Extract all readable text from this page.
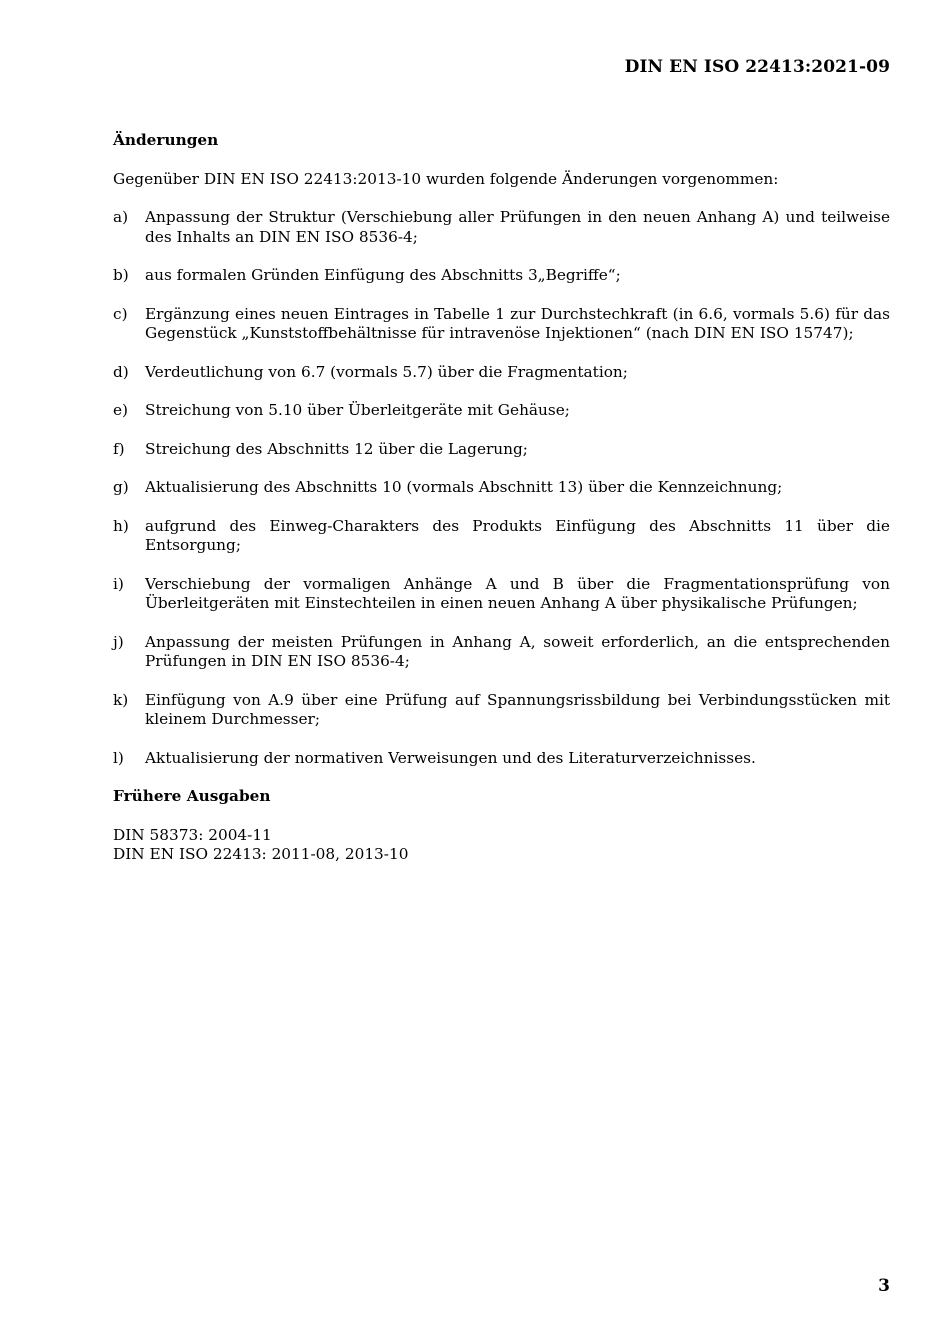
DIN EN ISO 22413:2021-09

Änderungen

Gegenüber DIN EN ISO 22413:2013-10 wurden folgende Änderungen vorgenommen:

a)	Anpassung der Struktur (Verschiebung aller Prüfungen in den neuen Anhang A) und teilweise des Inhalts an DIN EN ISO 8536-4;
b)	aus formalen Gründen Einfügung des Abschnitts 3„Begriffe“;
c)	Ergänzung eines neuen Eintrages in Tabelle 1 zur Durchstechkraft (in 6.6, vormals 5.6) für das Gegenstück „Kunststoffbehältnisse für intravenöse Injektionen“ (nach DIN EN ISO 15747);
d)	Verdeutlichung von 6.7 (vormals 5.7) über die Fragmentation;
e)	Streichung von 5.10 über Überleitgeräte mit Gehäuse;
f)	Streichung des Abschnitts 12 über die Lagerung;
g)	Aktualisierung des Abschnitts 10 (vormals Abschnitt 13) über die Kennzeichnung;
h)	aufgrund des Einweg-Charakters des Produkts Einfügung des Abschnitts 11 über die Entsorgung;
i)	Verschiebung der vormaligen Anhänge A und B über die Fragmentationsprüfung von Überleitgeräten mit Einstechteilen in einen neuen Anhang A über physikalische Prüfungen;
j)	Anpassung der meisten Prüfungen in Anhang A, soweit erforderlich, an die entsprechenden Prüfungen in DIN EN ISO 8536-4;
k)	Einfügung von A.9 über eine Prüfung auf Spannungsrissbildung bei Verbindungsstücken mit kleinem Durchmesser;
l)	Aktualisierung der normativen Verweisungen und des Literaturverzeichnisses.

Frühere Ausgaben

DIN 58373: 2004-11
DIN EN ISO 22413: 2011-08, 2013-10
3
